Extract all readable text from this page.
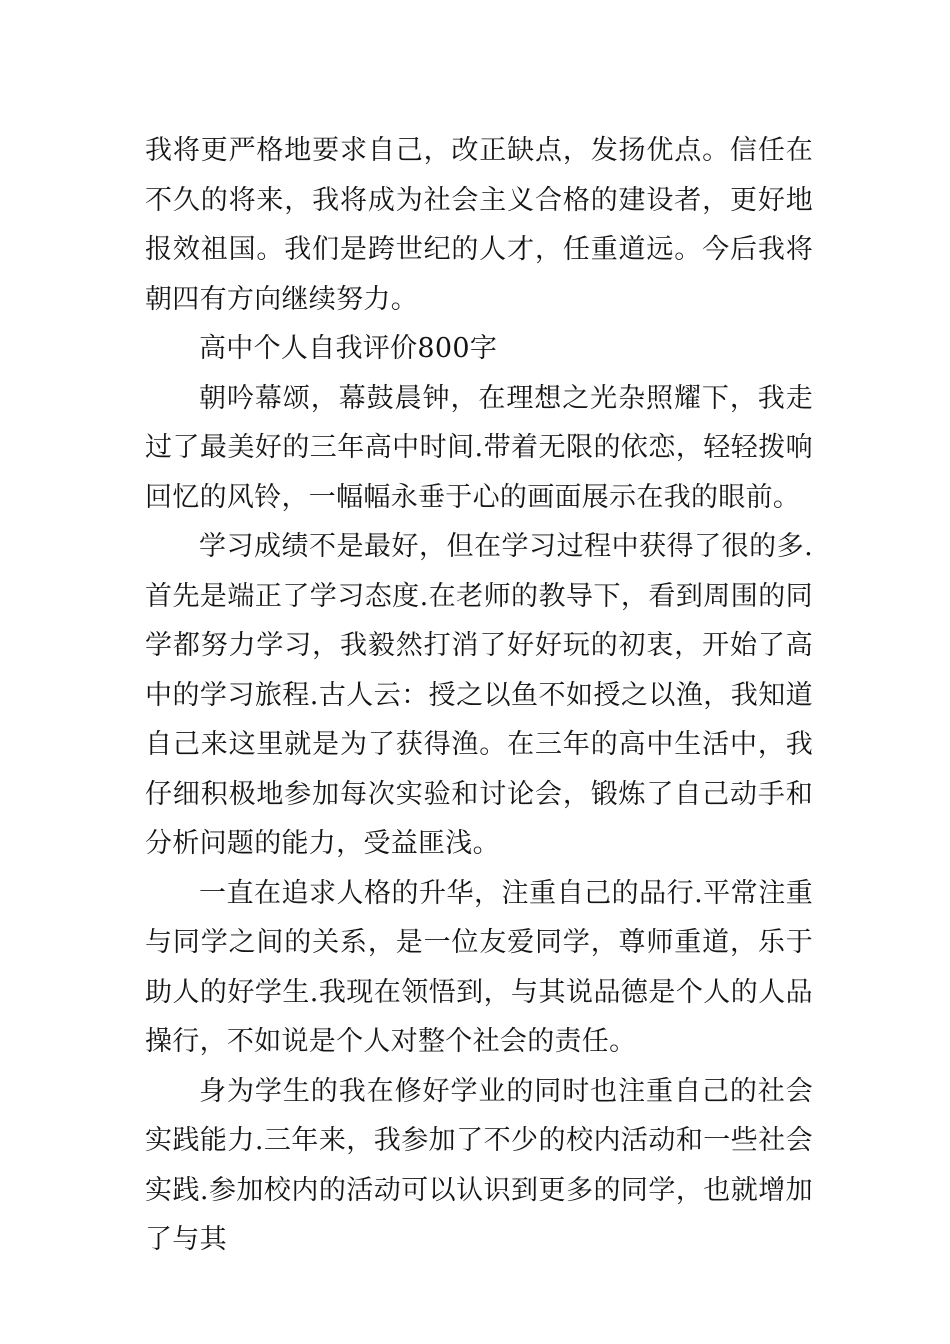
我将更严格地要求自己，改正缺点，发扬优点。信任在不久的将来，我将成为社会主义合格的建设者，更好地报效祖国。我们是跨世纪的人才，任重道远。今后我将朝四有方向继续努力。

高中个人自我评价800字

朝吟幕颂，幕鼓晨钟，在理想之光杂照耀下，我走过了最美好的三年高中时间.带着无限的依恋，轻轻拨响回忆的风铃，一幅幅永垂于心的画面展示在我的眼前。

学习成绩不是最好，但在学习过程中获得了很的多.首先是端正了学习态度.在老师的教导下，看到周围的同学都努力学习，我毅然打消了好好玩的初衷，开始了高中的学习旅程.古人云：授之以鱼不如授之以渔，我知道自己来这里就是为了获得渔。在三年的高中生活中，我仔细积极地参加每次实验和讨论会，锻炼了自己动手和分析问题的能力，受益匪浅。

一直在追求人格的升华，注重自己的品行.平常注重与同学之间的关系，是一位友爱同学，尊师重道，乐于助人的好学生.我现在领悟到，与其说品德是个人的人品操行，不如说是个人对整个社会的责任。

身为学生的我在修好学业的同时也注重自己的社会实践能力.三年来，我参加了不少的校内活动和一些社会实践.参加校内的活动可以认识到更多的同学，也就增加了与其
